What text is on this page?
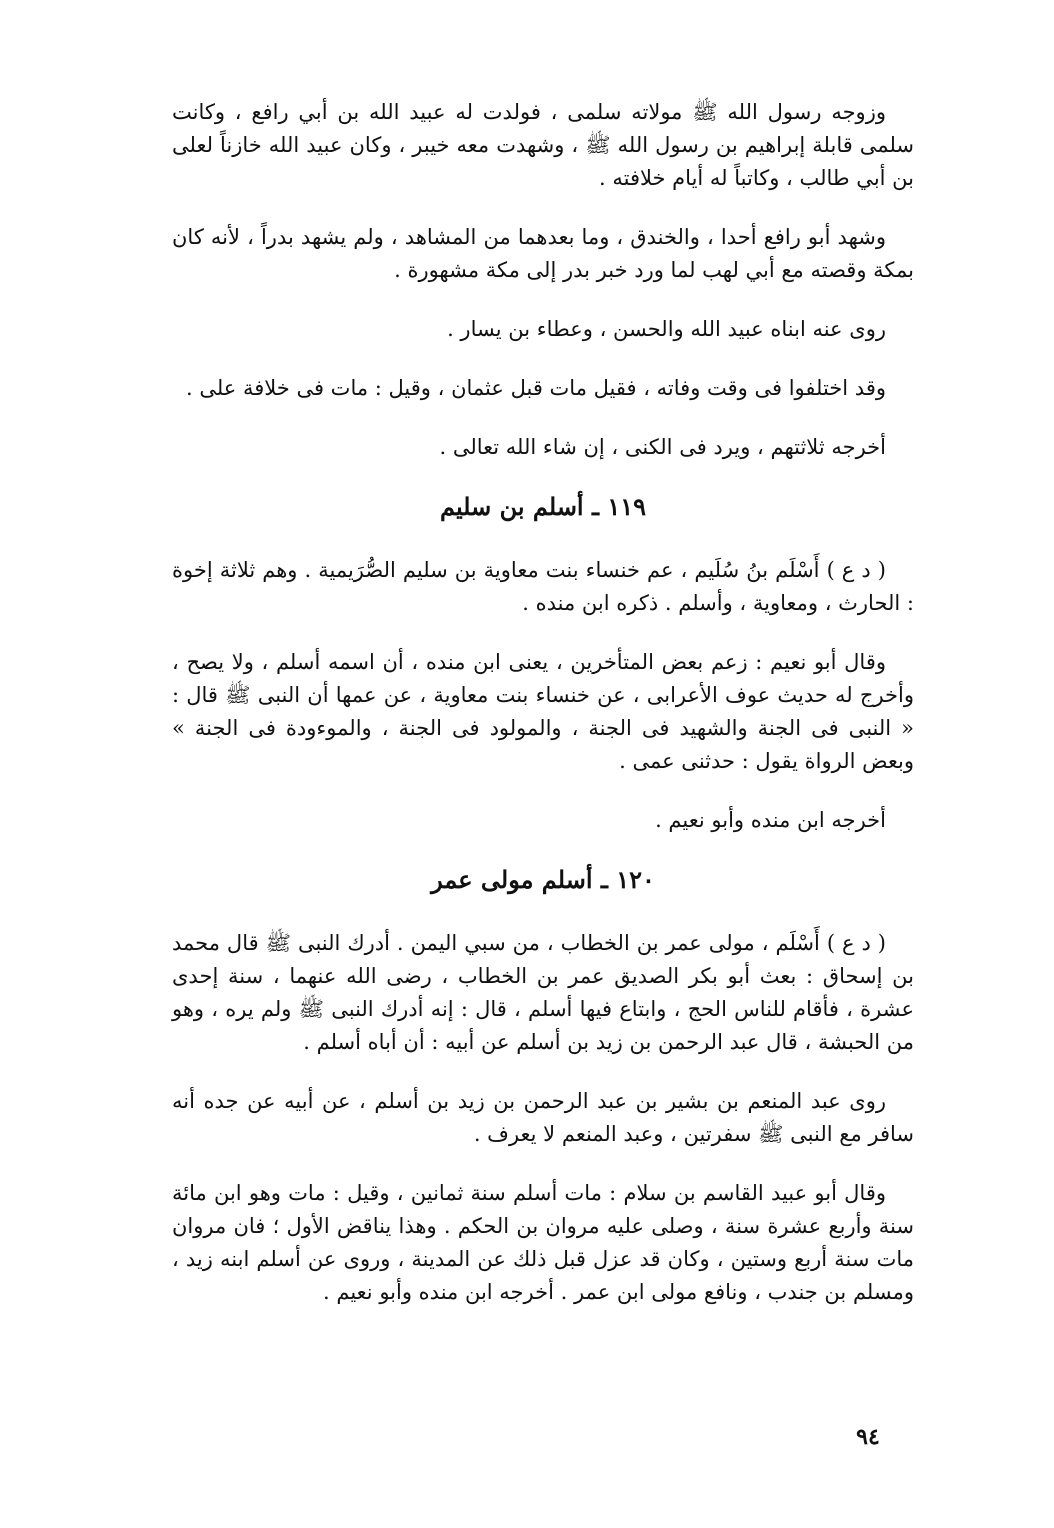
وزوجه رسول الله ﷺ مولاته سلمى ، فولدت له عبيد الله بن أبي رافع ، وكانت سلمى قابلة إبراهيم بن رسول الله ﷺ ، وشهدت معه خيبر ، وكان عبيد الله خازناً لعلى بن أبي طالب ، وكاتباً له أيام خلافته .

وشهد أبو رافع أحدا ، والخندق ، وما بعدهما من المشاهد ، ولم يشهد بدراً ، لأنه كان بمكة وقصته مع أبي لهب لما ورد خبر بدر إلى مكة مشهورة .

روى عنه ابناه عبيد الله والحسن ، وعطاء بن يسار .

وقد اختلفوا فى وقت وفاته ، فقيل مات قبل عثمان ، وقيل : مات فى خلافة على .

أخرجه ثلاثتهم ، ويرد فى الكنى ، إن شاء الله تعالى .

١١٩ ـ أسلم بن سليم

( د ع ) أَسْلَم بنُ سُلَيم ، عم خنساء بنت معاوية بن سليم الصُّرَيمية . وهم ثلاثة إخوة : الحارث ، ومعاوية ، وأسلم . ذكره ابن منده .

وقال أبو نعيم : زعم بعض المتأخرين ، يعنى ابن منده ، أن اسمه أسلم ، ولا يصح ، وأخرج له حديث عوف الأعرابى ، عن خنساء بنت معاوية ، عن عمها أن النبى ﷺ قال : « النبى فى الجنة والشهيد فى الجنة ، والمولود فى الجنة ، والموءودة فى الجنة » وبعض الرواة يقول : حدثنى عمى .

أخرجه ابن منده وأبو نعيم .

١٢٠ ـ أسلم مولى عمر

( د ع ) أَسْلَم ، مولى عمر بن الخطاب ، من سبي اليمن . أدرك النبى ﷺ قال محمد بن إسحاق : بعث أبو بكر الصديق عمر بن الخطاب ، رضى الله عنهما ، سنة إحدى عشرة ، فأقام للناس الحج ، وابتاع فيها أسلم ، قال : إنه أدرك النبى ﷺ ولم يره ، وهو من الحبشة ، قال عبد الرحمن بن زيد بن أسلم عن أبيه : أن أباه أسلم .

روى عبد المنعم بن بشير بن عبد الرحمن بن زيد بن أسلم ، عن أبيه عن جده أنه سافر مع النبى ﷺ سفرتين ، وعبد المنعم لا يعرف .

وقال أبو عبيد القاسم بن سلام : مات أسلم سنة ثمانين ، وقيل : مات وهو ابن مائة سنة وأربع عشرة سنة ، وصلى عليه مروان بن الحكم . وهذا يناقض الأول ؛ فان مروان مات سنة أربع وستين ، وكان قد عزل قبل ذلك عن المدينة ، وروى عن أسلم ابنه زيد ، ومسلم بن جندب ، ونافع مولى ابن عمر . أخرجه ابن منده وأبو نعيم .

٩٤
